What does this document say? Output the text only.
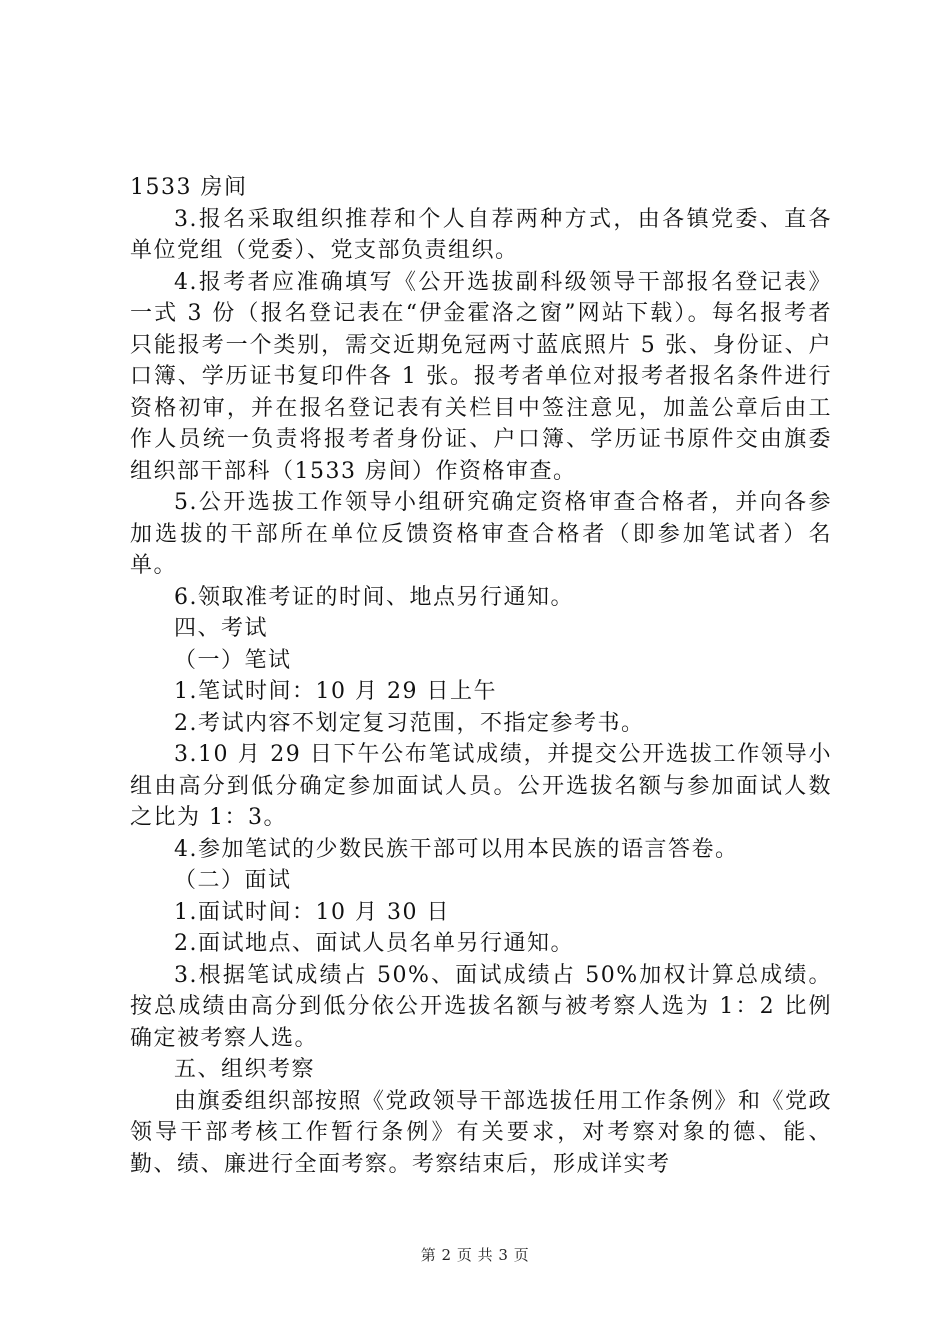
1533 房间

3.报名采取组织推荐和个人自荐两种方式，由各镇党委、直各单位党组（党委）、党支部负责组织。

4.报考者应准确填写《公开选拔副科级领导干部报名登记表》一式 3 份（报名登记表在“伊金霍洛之窗”网站下载）。每名报考者只能报考一个类别，需交近期免冠两寸蓝底照片 5 张、身份证、户口簿、学历证书复印件各 1 张。报考者单位对报考者报名条件进行资格初审，并在报名登记表有关栏目中签注意见，加盖公章后由工作人员统一负责将报考者身份证、户口簿、学历证书原件交由旗委组织部干部科（1533 房间）作资格审查。

5.公开选拔工作领导小组研究确定资格审查合格者，并向各参加选拔的干部所在单位反馈资格审查合格者（即参加笔试者）名单。

6.领取准考证的时间、地点另行通知。

四、考试

（一）笔试

1.笔试时间：10 月 29 日上午

2.考试内容不划定复习范围，不指定参考书。

3.10 月 29 日下午公布笔试成绩，并提交公开选拔工作领导小组由高分到低分确定参加面试人员。公开选拔名额与参加面试人数之比为 1：3。

4.参加笔试的少数民族干部可以用本民族的语言答卷。

（二）面试

1.面试时间：10 月 30 日

2.面试地点、面试人员名单另行通知。

3.根据笔试成绩占 50%、面试成绩占 50%加权计算总成绩。按总成绩由高分到低分依公开选拔名额与被考察人选为 1：2 比例确定被考察人选。

五、组织考察

由旗委组织部按照《党政领导干部选拔任用工作条例》和《党政领导干部考核工作暂行条例》有关要求，对考察对象的德、能、勤、绩、廉进行全面考察。考察结束后，形成详实考

第 2 页 共 3 页
